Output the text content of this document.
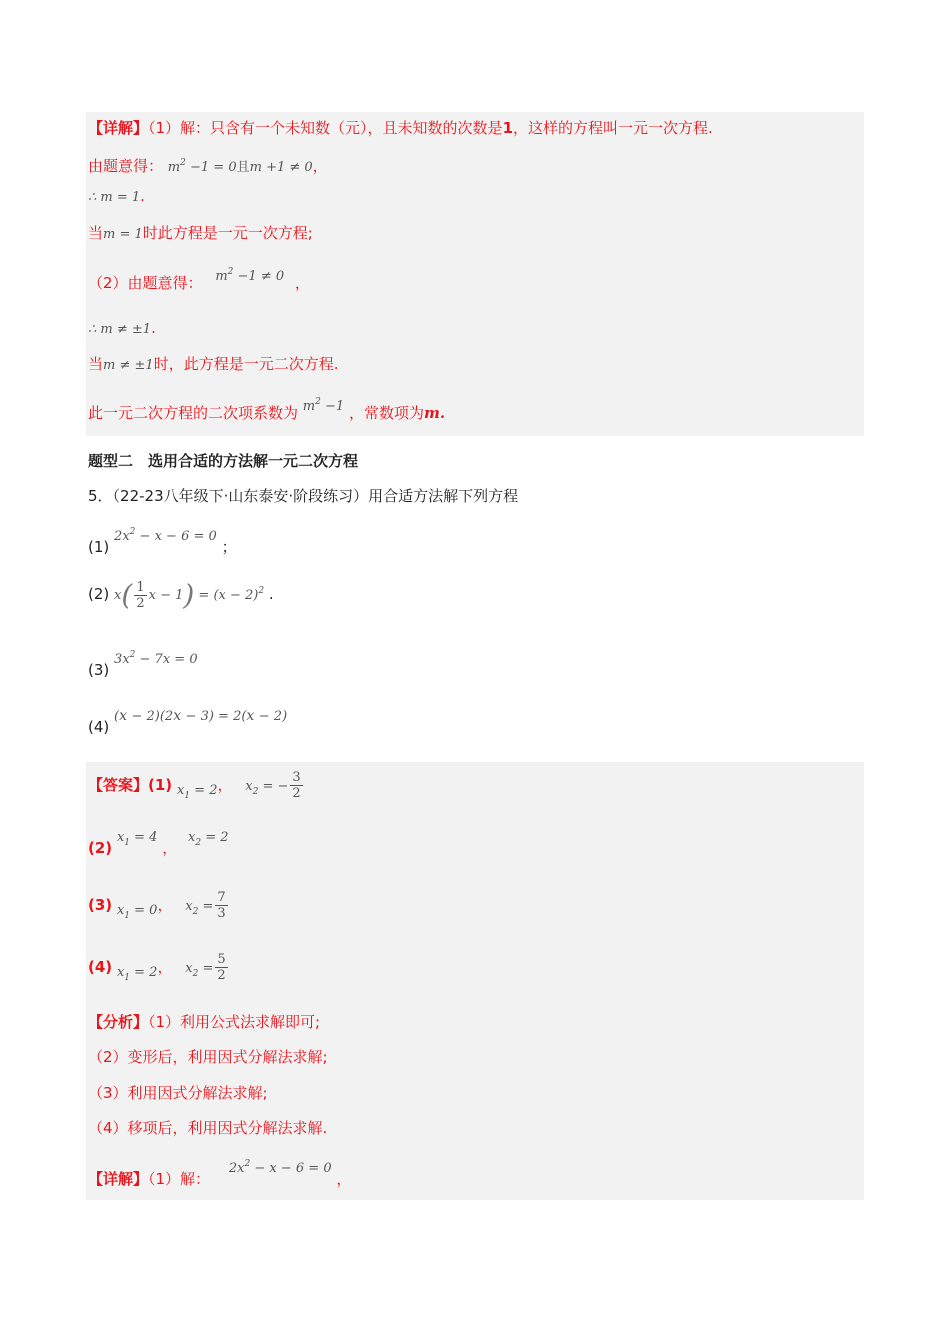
【详解】（1）解：只含有一个未知数（元），且未知数的次数是1，这样的方程叫一元一次方程.
由题意得： $m^2 -1 = 0$且m +1 ≠ 0，
∴ m = 1.
当m = 1时此方程是一元一次方程;
（2）由题意得： $m^2 -1 \ne 0$ ，
∴ m ≠ ±1.
当m ≠ ±1时，此方程是一元二次方程.
此一元二次方程的二次项系数为 $m^2 -1$ ，常数项为m.
题型二　选用合适的方法解一元二次方程
5．（22-23八年级下·山东泰安·阶段练习）用合适方法解下列方程
(1) $2x^2 - x - 6 = 0$ ；
(2) $x( \frac{1}{2}$ $x - 1) = (x - 2)^2$ .
(3) $3x^2 - 7x = 0$
(4) (x − 2)(2x − 3) = 2(x − 2)
【答案】(1) $x_1 = 2$， $x_2$ = − $\frac{3}{2}$
(2) $x_1 = 4$ ， $x_2 = 2$
(3) $x_1 = 0$， $x_2 = \frac{7}{3}$
(4) $x_1 = 2$， $x_2 = \frac{5}{2}$
【分析】（1）利用公式法求解即可;
（2）变形后，利用因式分解法求解;
（3）利用因式分解法求解;
（4）移项后，利用因式分解法求解.
【详解】（1）解： $2x^2 - x - 6 = 0$ ，
